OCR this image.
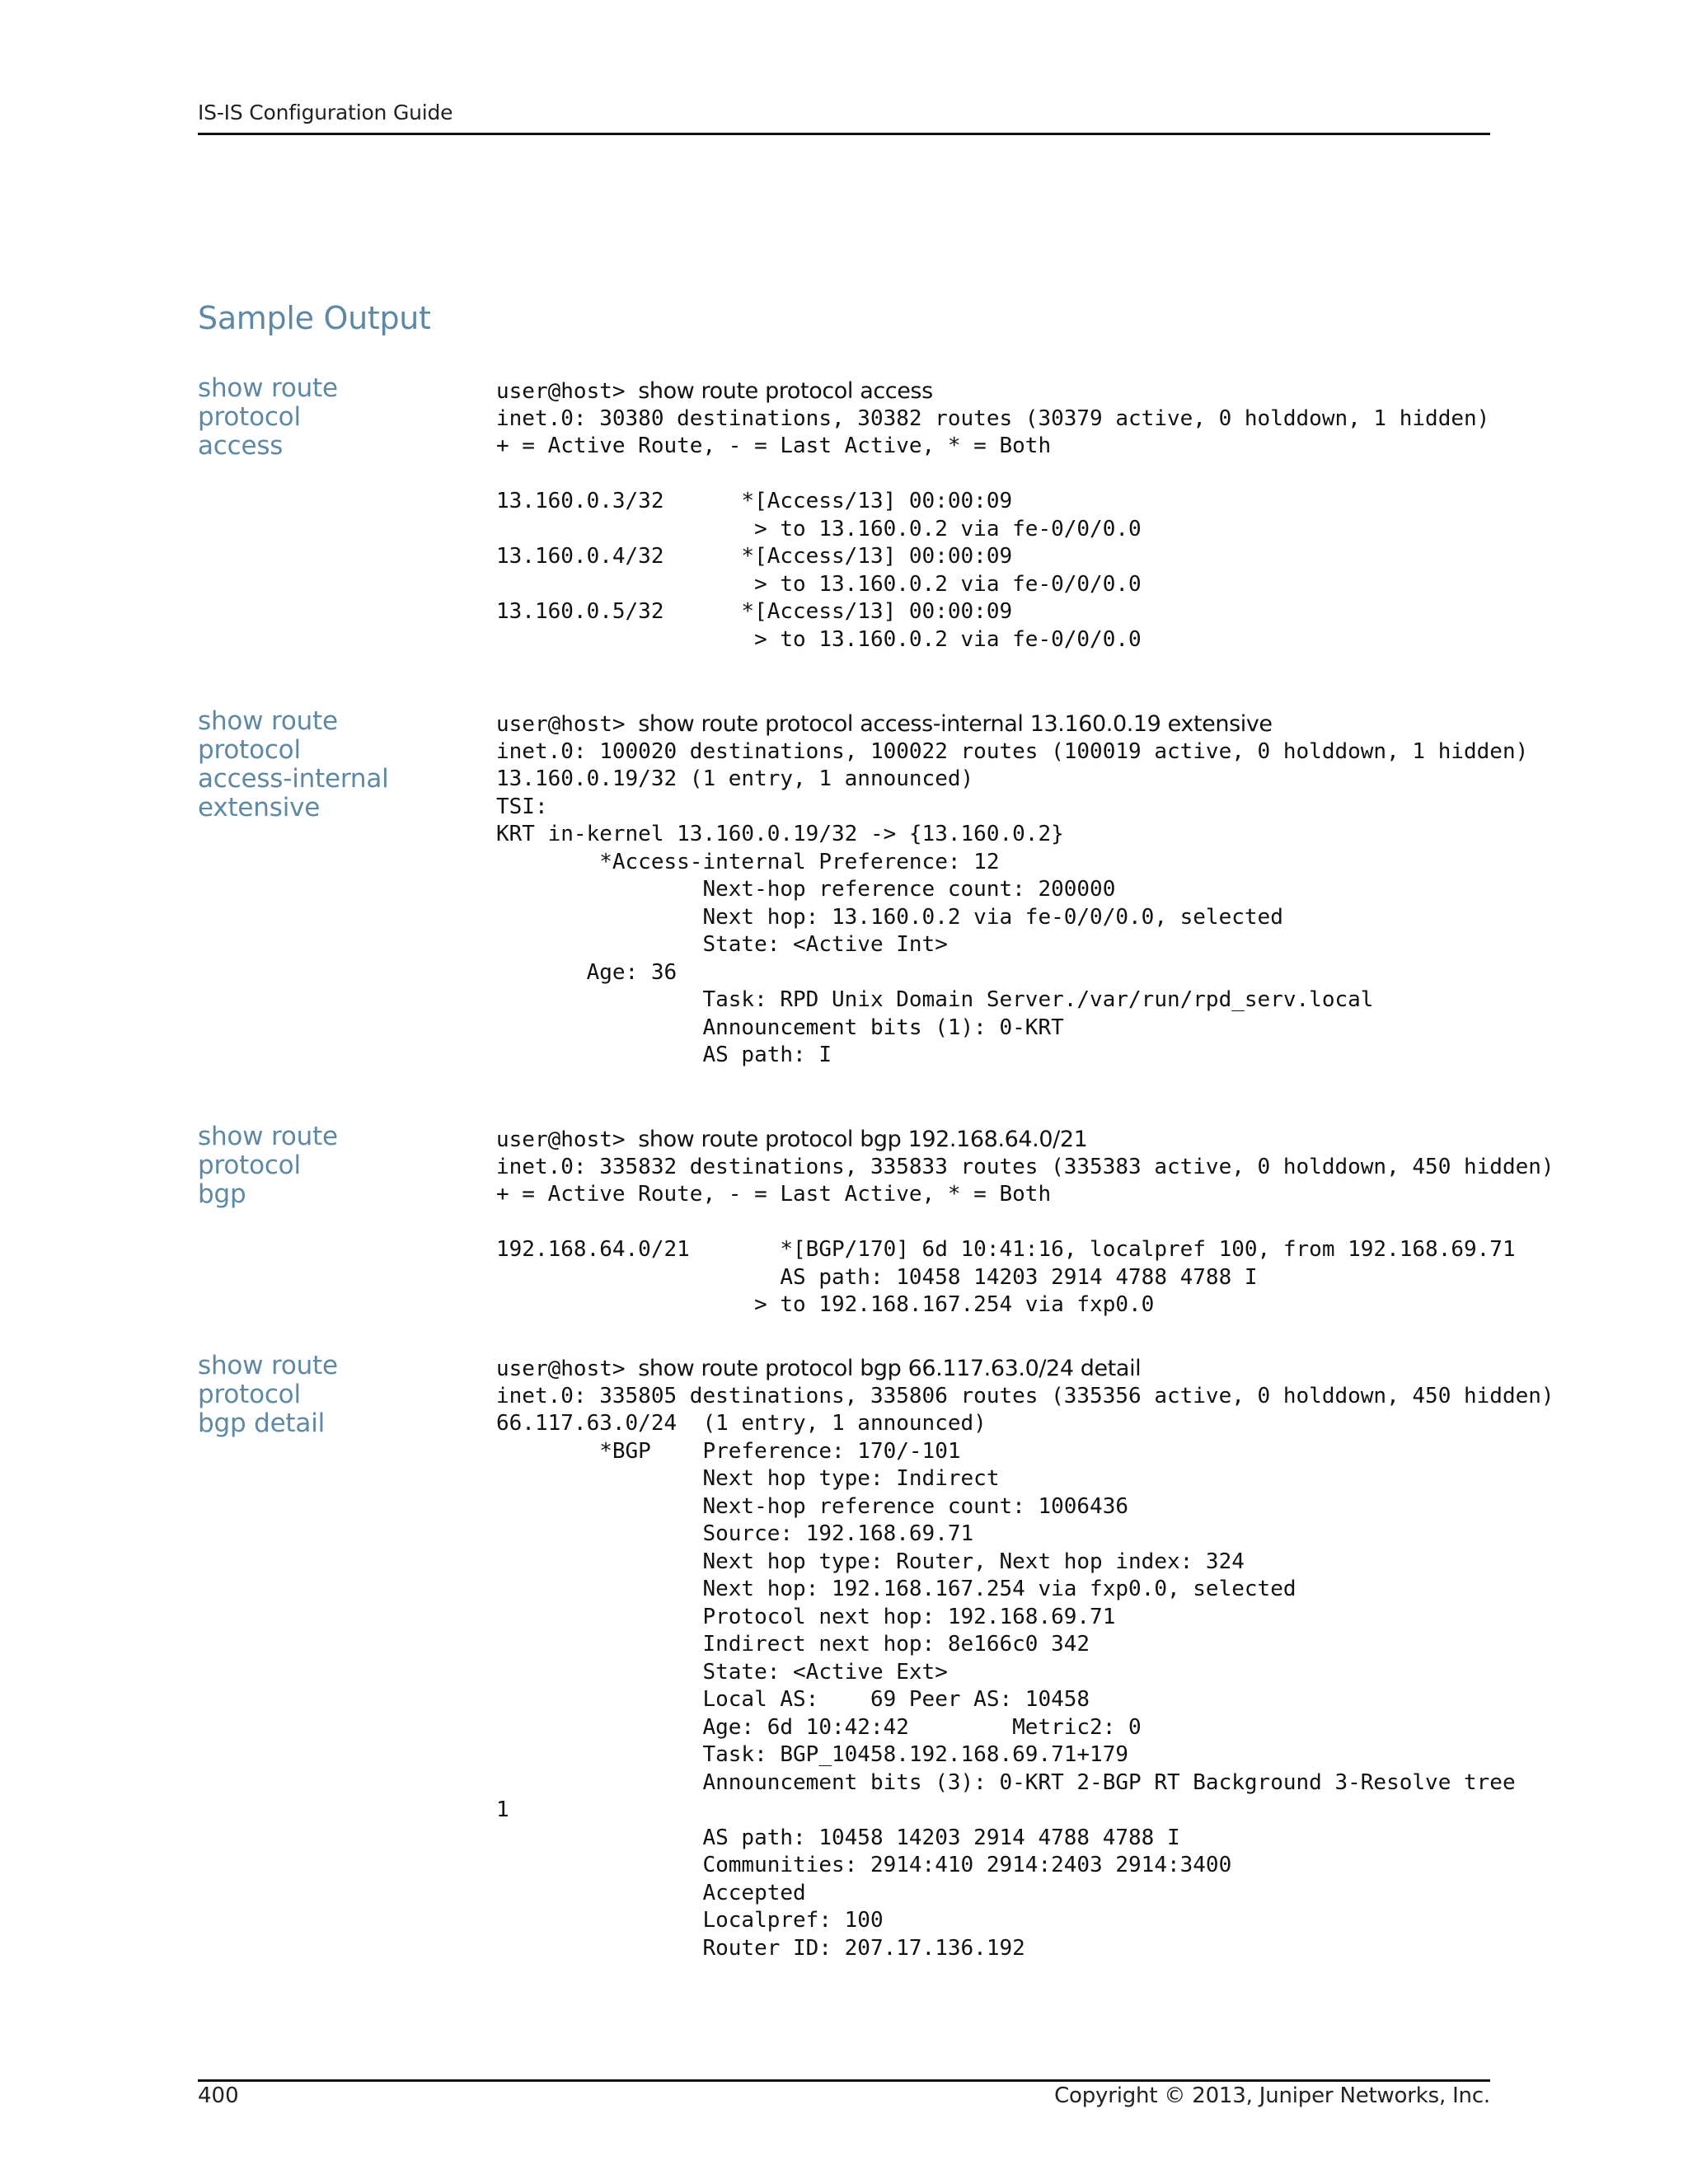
IS-IS Configuration Guide
Sample Output
show route protocol
access
user@host> show route protocol access
inet.0: 30380 destinations, 30382 routes (30379 active, 0 holddown, 1 hidden)
+ = Active Route, - = Last Active, * = Both

13.160.0.3/32      *[Access/13] 00:00:09
> to 13.160.0.2 via fe-0/0/0.0
13.160.0.4/32      *[Access/13] 00:00:09
> to 13.160.0.2 via fe-0/0/0.0
13.160.0.5/32      *[Access/13] 00:00:09
> to 13.160.0.2 via fe-0/0/0.0
show route protocol
access-internal
extensive
user@host> show route protocol access-internal 13.160.0.19 extensive
inet.0: 100020 destinations, 100022 routes (100019 active, 0 holddown, 1 hidden)
13.160.0.19/32 (1 entry, 1 announced)
TSI:
KRT in-kernel 13.160.0.19/32 -> {13.160.0.2}
*Access-internal Preference: 12
Next-hop reference count: 200000
Next hop: 13.160.0.2 via fe-0/0/0.0, selected
State: <Active Int>
Age: 36
Task: RPD Unix Domain Server./var/run/rpd_serv.local
Announcement bits (1): 0-KRT
AS path: I
show route protocol
bgp
user@host> show route protocol bgp 192.168.64.0/21
inet.0: 335832 destinations, 335833 routes (335383 active, 0 holddown, 450 hidden)
+ = Active Route, - = Last Active, * = Both

192.168.64.0/21       *[BGP/170] 6d 10:41:16, localpref 100, from 192.168.69.71
AS path: 10458 14203 2914 4788 4788 I
> to 192.168.167.254 via fxp0.0
show route protocol
bgp detail
user@host> show route protocol bgp 66.117.63.0/24 detail
inet.0: 335805 destinations, 335806 routes (335356 active, 0 holddown, 450 hidden)
66.117.63.0/24  (1 entry, 1 announced)
*BGP    Preference: 170/-101
Next hop type: Indirect
Next-hop reference count: 1006436
Source: 192.168.69.71
Next hop type: Router, Next hop index: 324
Next hop: 192.168.167.254 via fxp0.0, selected
Protocol next hop: 192.168.69.71
Indirect next hop: 8e166c0 342
State: <Active Ext>
Local AS:    69 Peer AS: 10458
Age: 6d 10:42:42        Metric2: 0
Task: BGP_10458.192.168.69.71+179
Announcement bits (3): 0-KRT 2-BGP RT Background 3-Resolve tree
1
AS path: 10458 14203 2914 4788 4788 I
Communities: 2914:410 2914:2403 2914:3400
Accepted
Localpref: 100
Router ID: 207.17.136.192
400	Copyright © 2013, Juniper Networks, Inc.
